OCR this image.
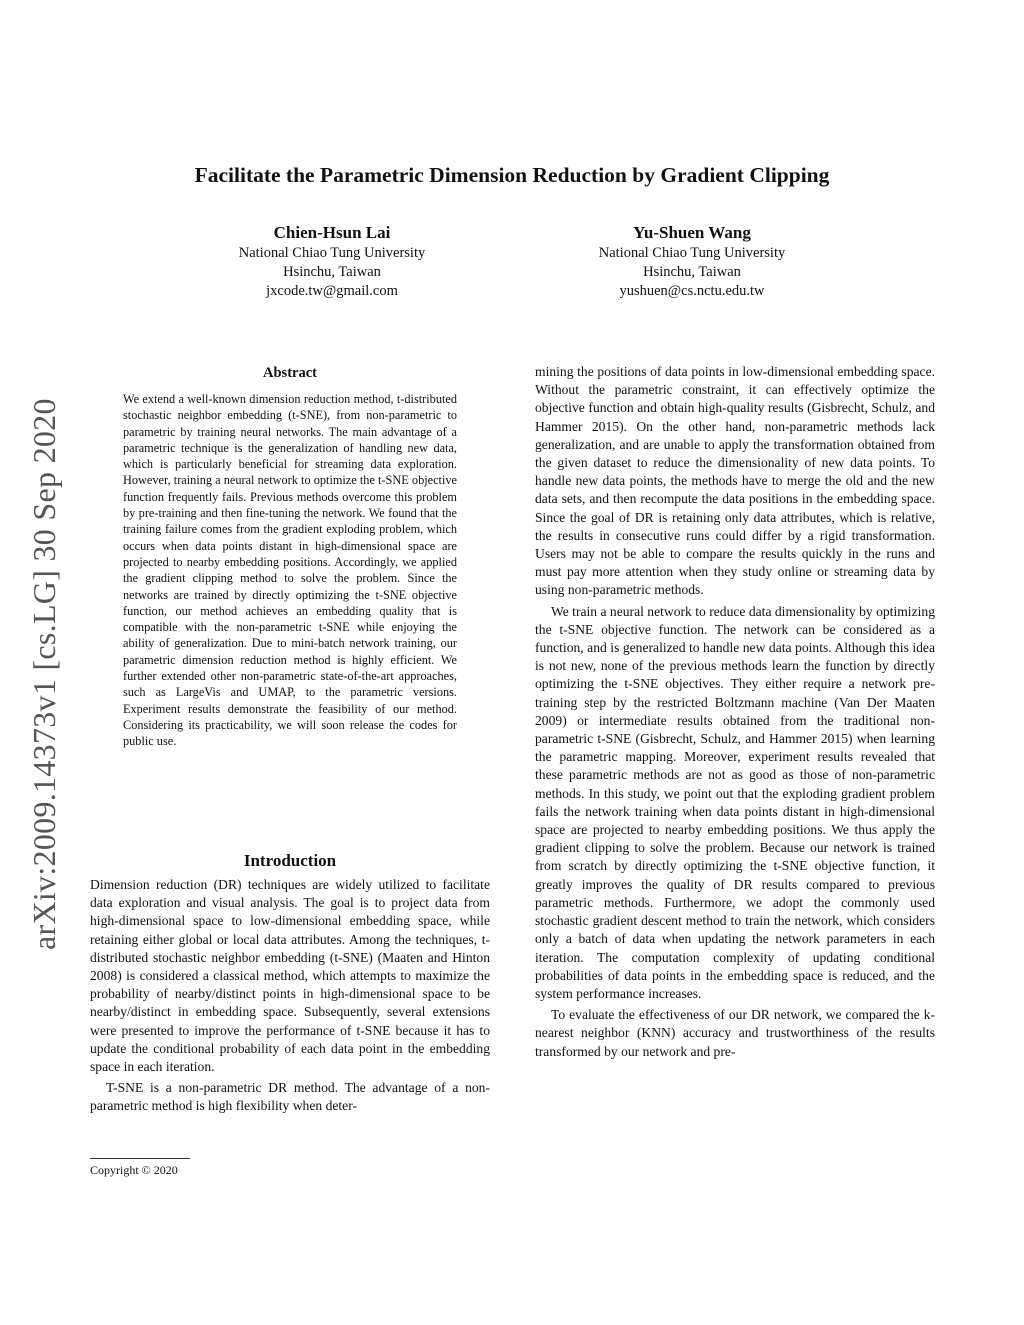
arXiv:2009.14373v1 [cs.LG] 30 Sep 2020
Facilitate the Parametric Dimension Reduction by Gradient Clipping
Chien-Hsun Lai
National Chiao Tung University
Hsinchu, Taiwan
jxcode.tw@gmail.com
Yu-Shuen Wang
National Chiao Tung University
Hsinchu, Taiwan
yushuen@cs.nctu.edu.tw
Abstract

We extend a well-known dimension reduction method, t-distributed stochastic neighbor embedding (t-SNE), from non-parametric to parametric by training neural networks. The main advantage of a parametric technique is the generalization of handling new data, which is particularly beneficial for streaming data exploration. However, training a neural network to optimize the t-SNE objective function frequently fails. Previous methods overcome this problem by pre-training and then fine-tuning the network. We found that the training failure comes from the gradient exploding problem, which occurs when data points distant in high-dimensional space are projected to nearby embedding positions. Accordingly, we applied the gradient clipping method to solve the problem. Since the networks are trained by directly optimizing the t-SNE objective function, our method achieves an embedding quality that is compatible with the non-parametric t-SNE while enjoying the ability of generalization. Due to mini-batch network training, our parametric dimension reduction method is highly efficient. We further extended other non-parametric state-of-the-art approaches, such as LargeVis and UMAP, to the parametric versions. Experiment results demonstrate the feasibility of our method. Considering its practicability, we will soon release the codes for public use.

Introduction

Dimension reduction (DR) techniques are widely utilized to facilitate data exploration and visual analysis. The goal is to project data from high-dimensional space to low-dimensional embedding space, while retaining either global or local data attributes. Among the techniques, t-distributed stochastic neighbor embedding (t-SNE) (Maaten and Hinton 2008) is considered a classical method, which attempts to maximize the probability of nearby/distinct points in high-dimensional space to be nearby/distinct in embedding space. Subsequently, several extensions were presented to improve the performance of t-SNE because it has to update the conditional probability of each data point in the embedding space in each iteration.

T-SNE is a non-parametric DR method. The advantage of a non-parametric method is high flexibility when deter-

mining the positions of data points in low-dimensional embedding space. Without the parametric constraint, it can effectively optimize the objective function and obtain high-quality results (Gisbrecht, Schulz, and Hammer 2015). On the other hand, non-parametric methods lack generalization, and are unable to apply the transformation obtained from the given dataset to reduce the dimensionality of new data points. To handle new data points, the methods have to merge the old and the new data sets, and then recompute the data positions in the embedding space. Since the goal of DR is retaining only data attributes, which is relative, the results in consecutive runs could differ by a rigid transformation. Users may not be able to compare the results quickly in the runs and must pay more attention when they study online or streaming data by using non-parametric methods.

We train a neural network to reduce data dimensionality by optimizing the t-SNE objective function. The network can be considered as a function, and is generalized to handle new data points. Although this idea is not new, none of the previous methods learn the function by directly optimizing the t-SNE objectives. They either require a network pre-training step by the restricted Boltzmann machine (Van Der Maaten 2009) or intermediate results obtained from the traditional non-parametric t-SNE (Gisbrecht, Schulz, and Hammer 2015) when learning the parametric mapping. Moreover, experiment results revealed that these parametric methods are not as good as those of non-parametric methods. In this study, we point out that the exploding gradient problem fails the network training when data points distant in high-dimensional space are projected to nearby embedding positions. We thus apply the gradient clipping to solve the problem. Because our network is trained from scratch by directly optimizing the t-SNE objective function, it greatly improves the quality of DR results compared to previous parametric methods. Furthermore, we adopt the commonly used stochastic gradient descent method to train the network, which considers only a batch of data when updating the network parameters in each iteration. The computation complexity of updating conditional probabilities of data points in the embedding space is reduced, and the system performance increases.

To evaluate the effectiveness of our DR network, we compared the k-nearest neighbor (KNN) accuracy and trustworthiness of the results transformed by our network and pre-

Copyright © 2020
